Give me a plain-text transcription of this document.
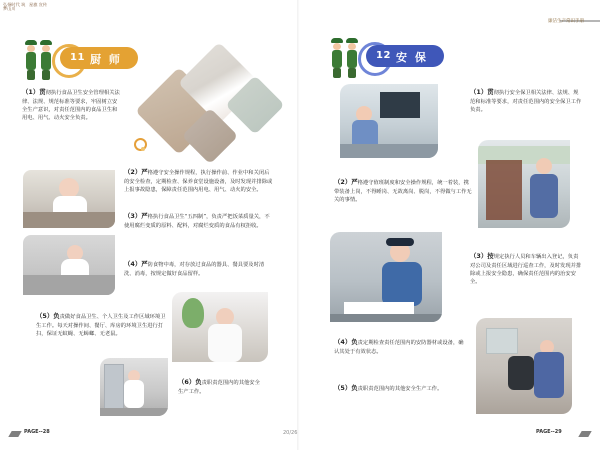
弘扬时代 筑梦山川
星旗 宣传
11 厨 师
（1）贯彻执行食品卫生安全管理相关法律、法规、规范标准等要求，牢固树立安全生产意识，对责任范围内的食品卫生和用电、用气、动火安全负责。
（2）严格遵守安全操作规程，执行操作前、作业中和关闭后的安全检查，定期检查、保养食堂设施设备，及时发现并排除或上报事故隐患，保障责任范围内用电、用气、动火的安全。
（3）严格执行食品卫生“五四制”，负责严把饭菜质量关，不使用腐烂变质的原料、配料，对腐烂变质的食品有权拒收。
（4）严防食物中毒，对存放过食品的器具、餐具要及时清洗、消毒，按规定做好食品留样。
（5）负责做好食品卫生、个人卫生及工作区域环境卫生工作。每天对操作间、餐厅、库房的环境卫生进行打扫，保证无蚊蝇、无蟑螂、无老鼠。
（6）负责职责范围内的其他安全生产工作。
PAGE--28
廉洁生产常识手册
12 安 保
（1）贯彻执行安全保卫相关法律、法规、规范和标准等要求，对责任范围内的安全保卫工作负责。
（2）严格遵守值班制度和安全操作规程，统一着装，携带装备上岗，不得睡岗、无故离岗、脱岗，不得做与工作无关的事情。
（3）按规定执行人员和车辆出入登记，负责对公司及责任区域进行巡查工作，及时发现并排除或上报安全隐患，确保责任范围内的治安安全。
（4）负责定期检查责任范围内的安防器材或设备，确认其处于有效状态。
（5）负责职责范围内的其他安全生产工作。
PAGE--29
20/26
